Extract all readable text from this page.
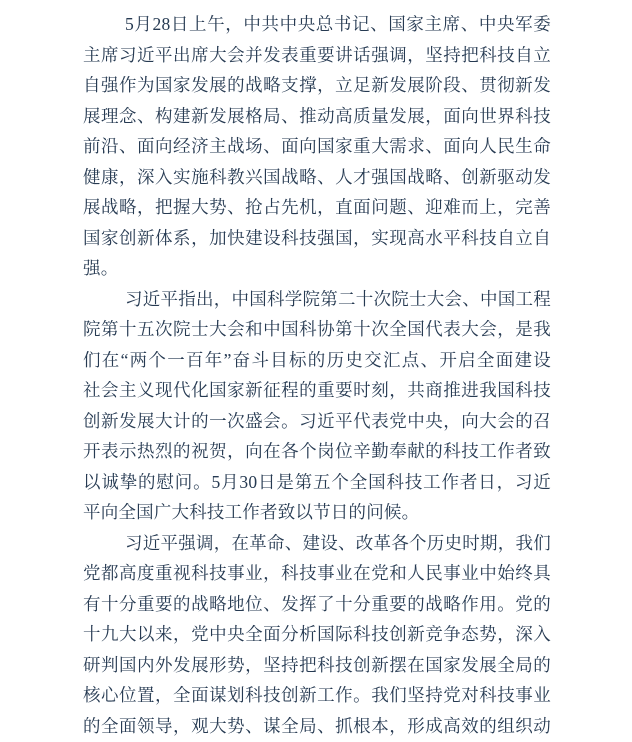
5月28日上午，中共中央总书记、国家主席、中央军委
主席习近平出席大会并发表重要讲话强调，坚持把科技自立
自强作为国家发展的战略支撑，立足新发展阶段、贯彻新发
展理念、构建新发展格局、推动高质量发展，面向世界科技
前沿、面向经济主战场、面向国家重大需求、面向人民生命
健康，深入实施科教兴国战略、人才强国战略、创新驱动发
展战略，把握大势、抢占先机，直面问题、迎难而上，完善
国家创新体系，加快建设科技强国，实现高水平科技自立自
强。
习近平指出，中国科学院第二十次院士大会、中国工程
院第十五次院士大会和中国科协第十次全国代表大会，是我
们在“两个一百年”奋斗目标的历史交汇点、开启全面建设
社会主义现代化国家新征程的重要时刻，共商推进我国科技
创新发展大计的一次盛会。习近平代表党中央，向大会的召
开表示热烈的祝贺，向在各个岗位辛勤奉献的科技工作者致
以诚挚的慰问。5月30日是第五个全国科技工作者日，习近
平向全国广大科技工作者致以节日的问候。
习近平强调，在革命、建设、改革各个历史时期，我们
党都高度重视科技事业，科技事业在党和人民事业中始终具
有十分重要的战略地位、发挥了十分重要的战略作用。党的
十九大以来，党中央全面分析国际科技创新竞争态势，深入
研判国内外发展形势，坚持把科技创新摆在国家发展全局的
核心位置，全面谋划科技创新工作。我们坚持党对科技事业
的全面领导，观大势、谋全局、抓根本，形成高效的组织动
